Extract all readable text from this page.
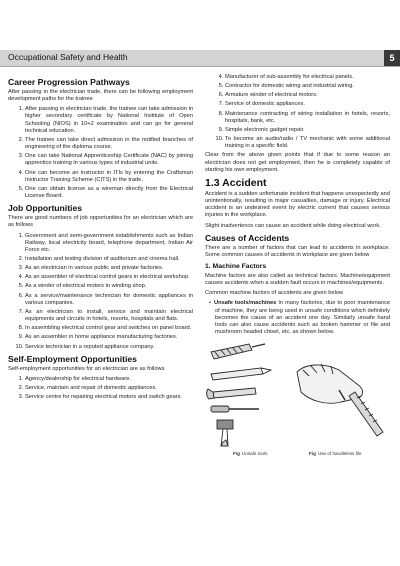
Occupational Safety and Health	5
Career Progression Pathways

After passing in the electrician trade, there can be following employment development paths for the trainee

1. After passing in electrician trade, the trainee can take admission in higher secondary certificate by National Institute of Open Schooling (NIOS) in 10+2 examination and can go for general technical education.
2. The trainee can take direct admission in the notified branches of engineering of the diploma course.
3. One can take National Apprenticeship Certificate (NAC) by joining apprentice training in various types of industrial units.
4. One can become an instructor in ITIs by entering the Craftsman Instructor Training Scheme (CITS) in the trade.
5. One can obtain license as a wireman directly from the Electrical License Board.
Job Opportunities

There are good numbers of job opportunities for an electrician which are as follows

1. Government and semi-government establishments such as Indian Railway, local electricity board, telephone department, Indian Air Force etc.
2. Installation and testing division of auditorium and cinema hall.
3. As an electrician in various public and private factories.
4. As an assembler of electrical control gears in electrical workshop.
5. As a winder of electrical motors in winding shop.
6. As a service/maintenance technician for domestic appliances in various companies.
7. As an electrician to install, service and maintain electrical equipments and circuits in hotels, resorts, hospitals and flats.
8. In assembling electrical control gear and switches on panel board.
9. As an assembler in home appliance manufacturing factories.
10. Service technician in a reputed appliance company.
Self-Employment Opportunities

Self-employment opportunities for an electrician are as follows

1. Agency/dealership for electrical hardware.
2. Service, maintain and repair of domestic appliances.
3. Service centre for repairing electrical motors and switch gears.
4. Manufacturer of sub-assembly for electrical panels.
5. Contractor for domestic wiring and industrial wiring.
6. Armature winder of electrical motors.
7. Service of domestic appliances.
8. Maintenance contracting of wiring installation in hotels, resorts, hospitals, bank, etc.
9. Simple electronic gadget repair.
10. To become an audio/radio / TV mechanic with some additional training in a specific field.

Clear from the above given points that if due to some reason an electrician does not get employment, then he is completely capable of starting his own employment.

1.3 Accident

Accident is a sudden unfortunate incident that happens unexpectedly and unintentionally, resulting in major casualties, damage or injury. Electrical accident is an undesired event by electric current that causes serious injuries in the workplace.

Slight inadvertence can cause an accident while doing electrical work.

Causes of Accidents

There are a number of factors that can lead to accidents in workplace. Some common causes of accidents in workplace are given below

1. Machine Factors

Machine factors are also called as technical factors. Machine/equipment causes accidents when a sudden fault occurs in machines/equipments.

Common machine factors of accidents are given below

• Unsafe tools/machines In many factories, due to poor maintenance of machine, they are being used in unsafe conditions which definitely becomes the cause of an accident one day. Similarly unsafe hand tools can also cause accidents such as broken hammer or file and mushroom headed chisel, etc. as shown below.
Fig Unsafe tools	Fig Use of handleless file
